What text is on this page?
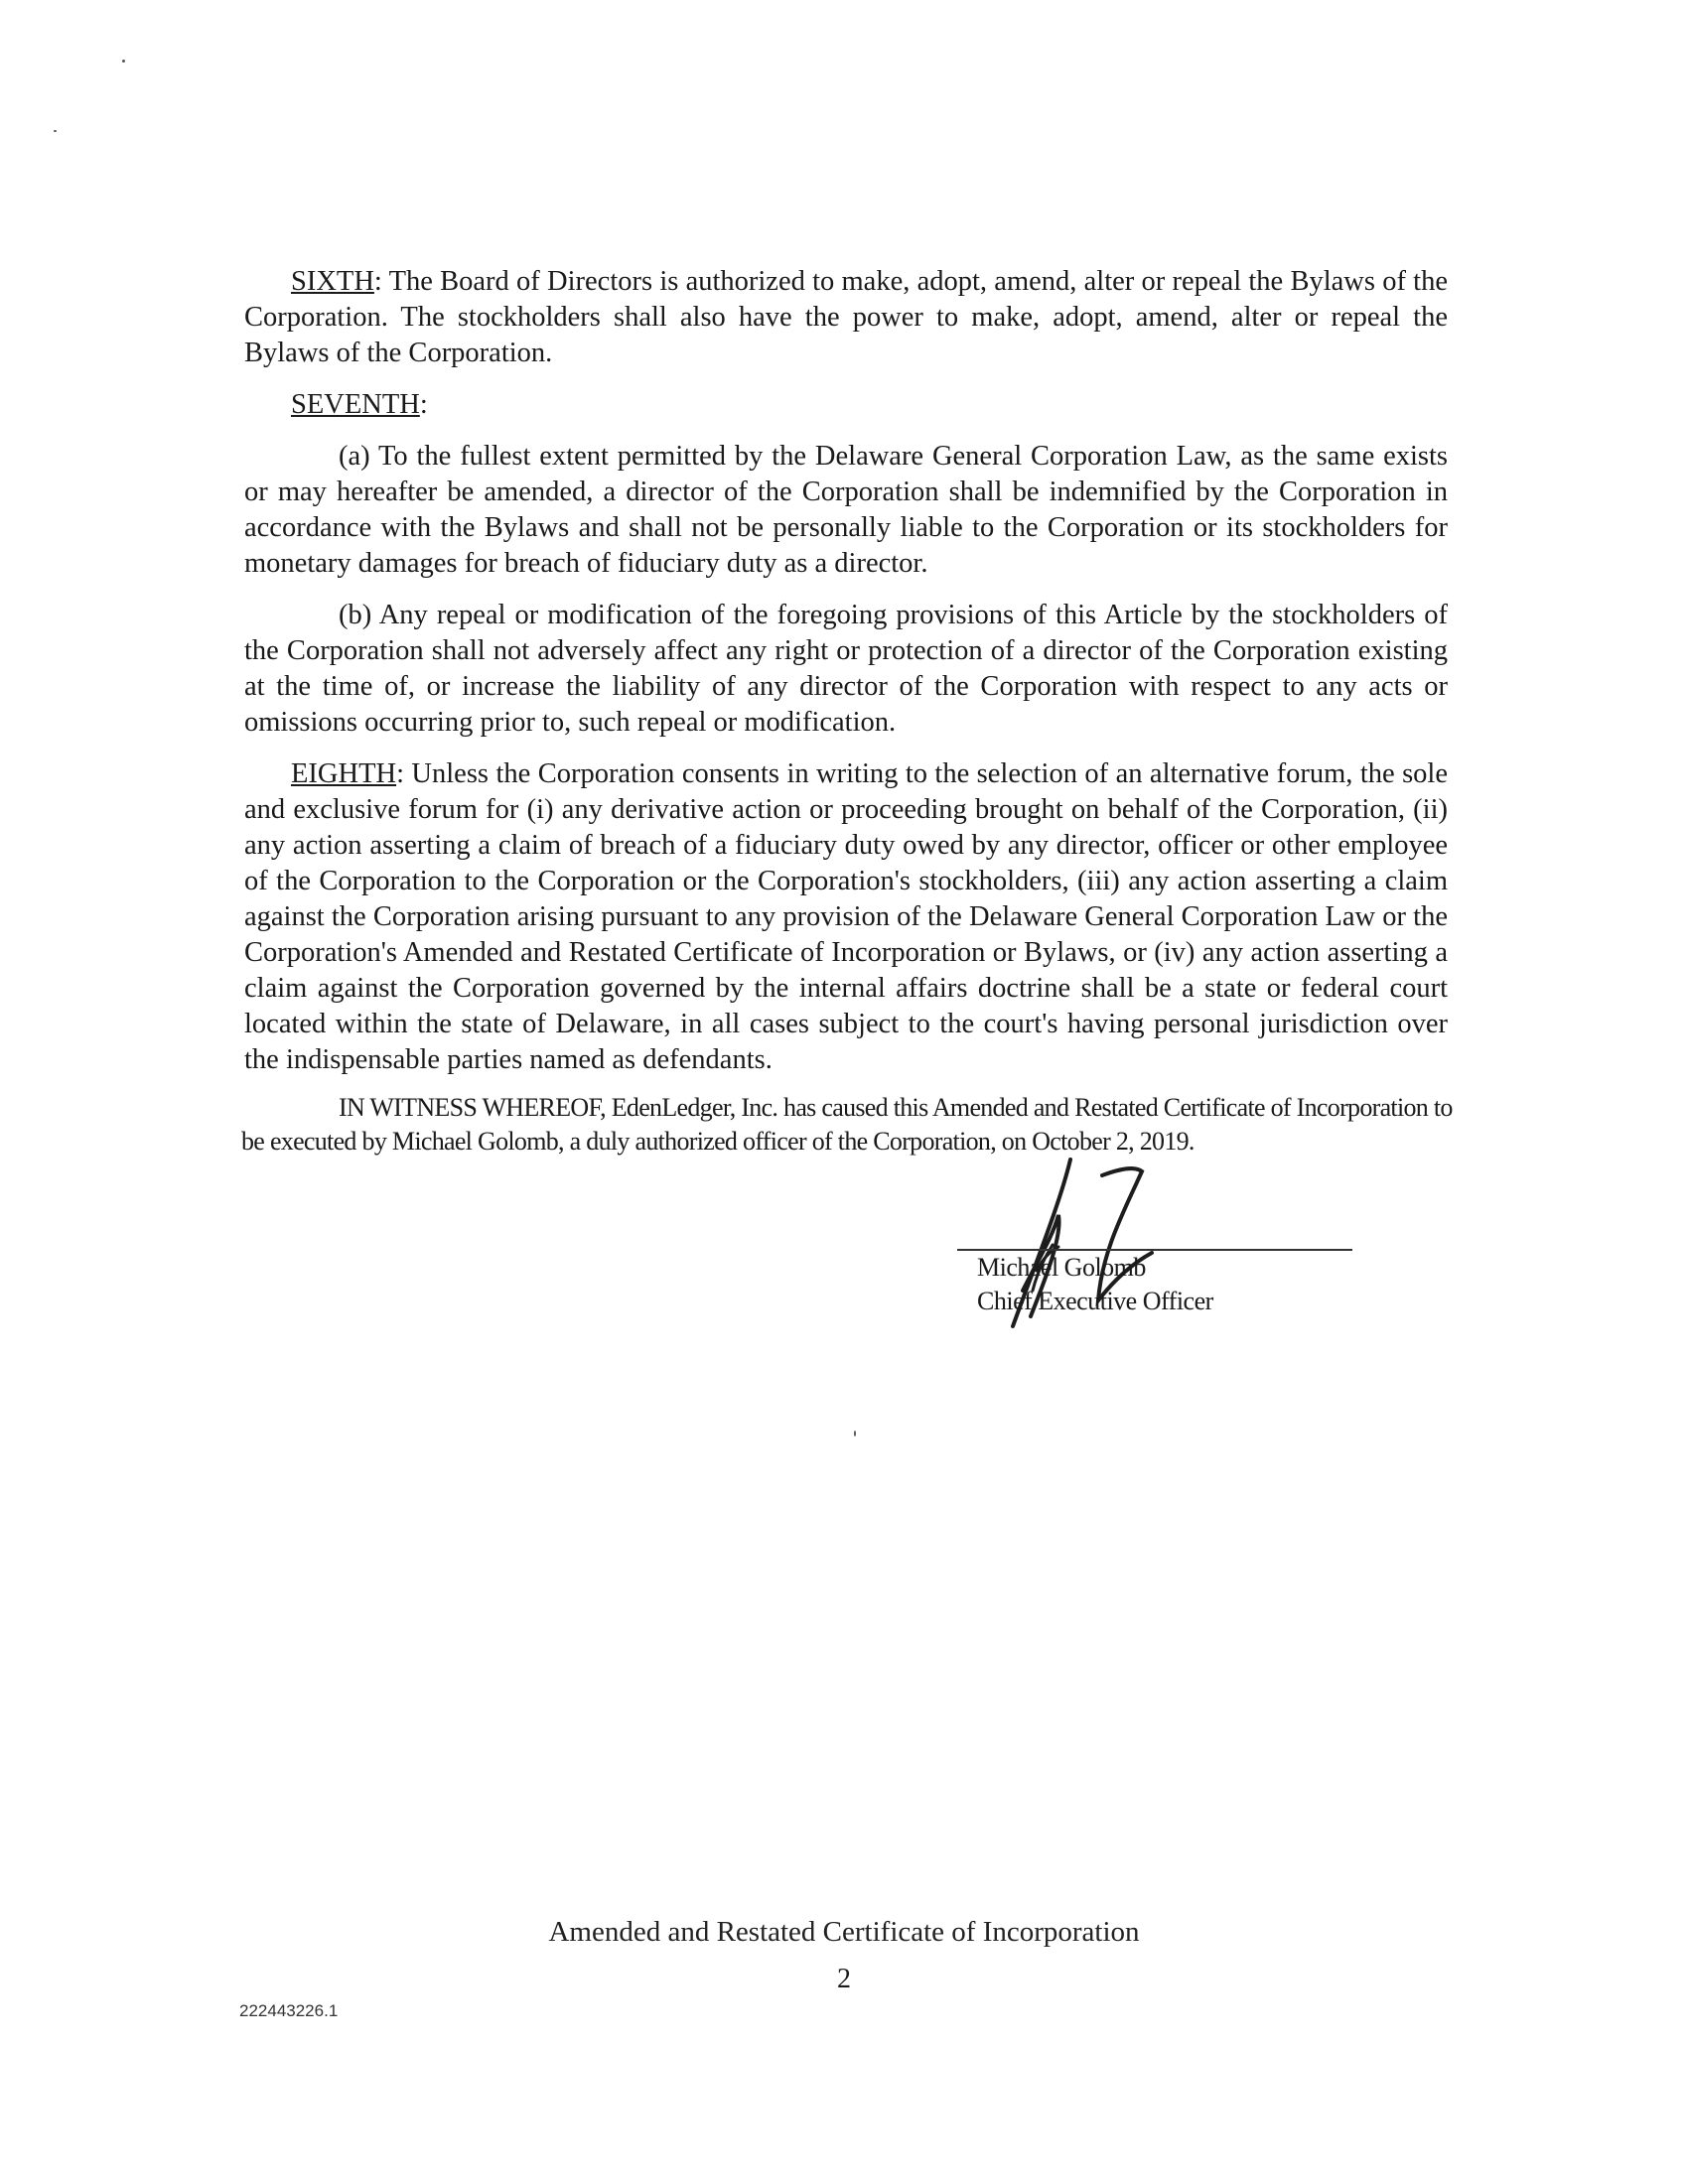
SIXTH: The Board of Directors is authorized to make, adopt, amend, alter or repeal the Bylaws of the Corporation. The stockholders shall also have the power to make, adopt, amend, alter or repeal the Bylaws of the Corporation.

SEVENTH:

(a) To the fullest extent permitted by the Delaware General Corporation Law, as the same exists or may hereafter be amended, a director of the Corporation shall be indemnified by the Corporation in accordance with the Bylaws and shall not be personally liable to the Corporation or its stockholders for monetary damages for breach of fiduciary duty as a director.

(b) Any repeal or modification of the foregoing provisions of this Article by the stockholders of the Corporation shall not adversely affect any right or protection of a director of the Corporation existing at the time of, or increase the liability of any director of the Corporation with respect to any acts or omissions occurring prior to, such repeal or modification.

EIGHTH: Unless the Corporation consents in writing to the selection of an alternative forum, the sole and exclusive forum for (i) any derivative action or proceeding brought on behalf of the Corporation, (ii) any action asserting a claim of breach of a fiduciary duty owed by any director, officer or other employee of the Corporation to the Corporation or the Corporation's stockholders, (iii) any action asserting a claim against the Corporation arising pursuant to any provision of the Delaware General Corporation Law or the Corporation's Amended and Restated Certificate of Incorporation or Bylaws, or (iv) any action asserting a claim against the Corporation governed by the internal affairs doctrine shall be a state or federal court located within the state of Delaware, in all cases subject to the court's having personal jurisdiction over the indispensable parties named as defendants.

IN WITNESS WHEREOF, EdenLedger, Inc. has caused this Amended and Restated Certificate of Incorporation to
be executed by Michael Golomb, a duly authorized officer of the Corporation, on October 2, 2019.
Michael Golomb
Chief Executive Officer
Amended and Restated Certificate of Incorporation
2
222443226.1
